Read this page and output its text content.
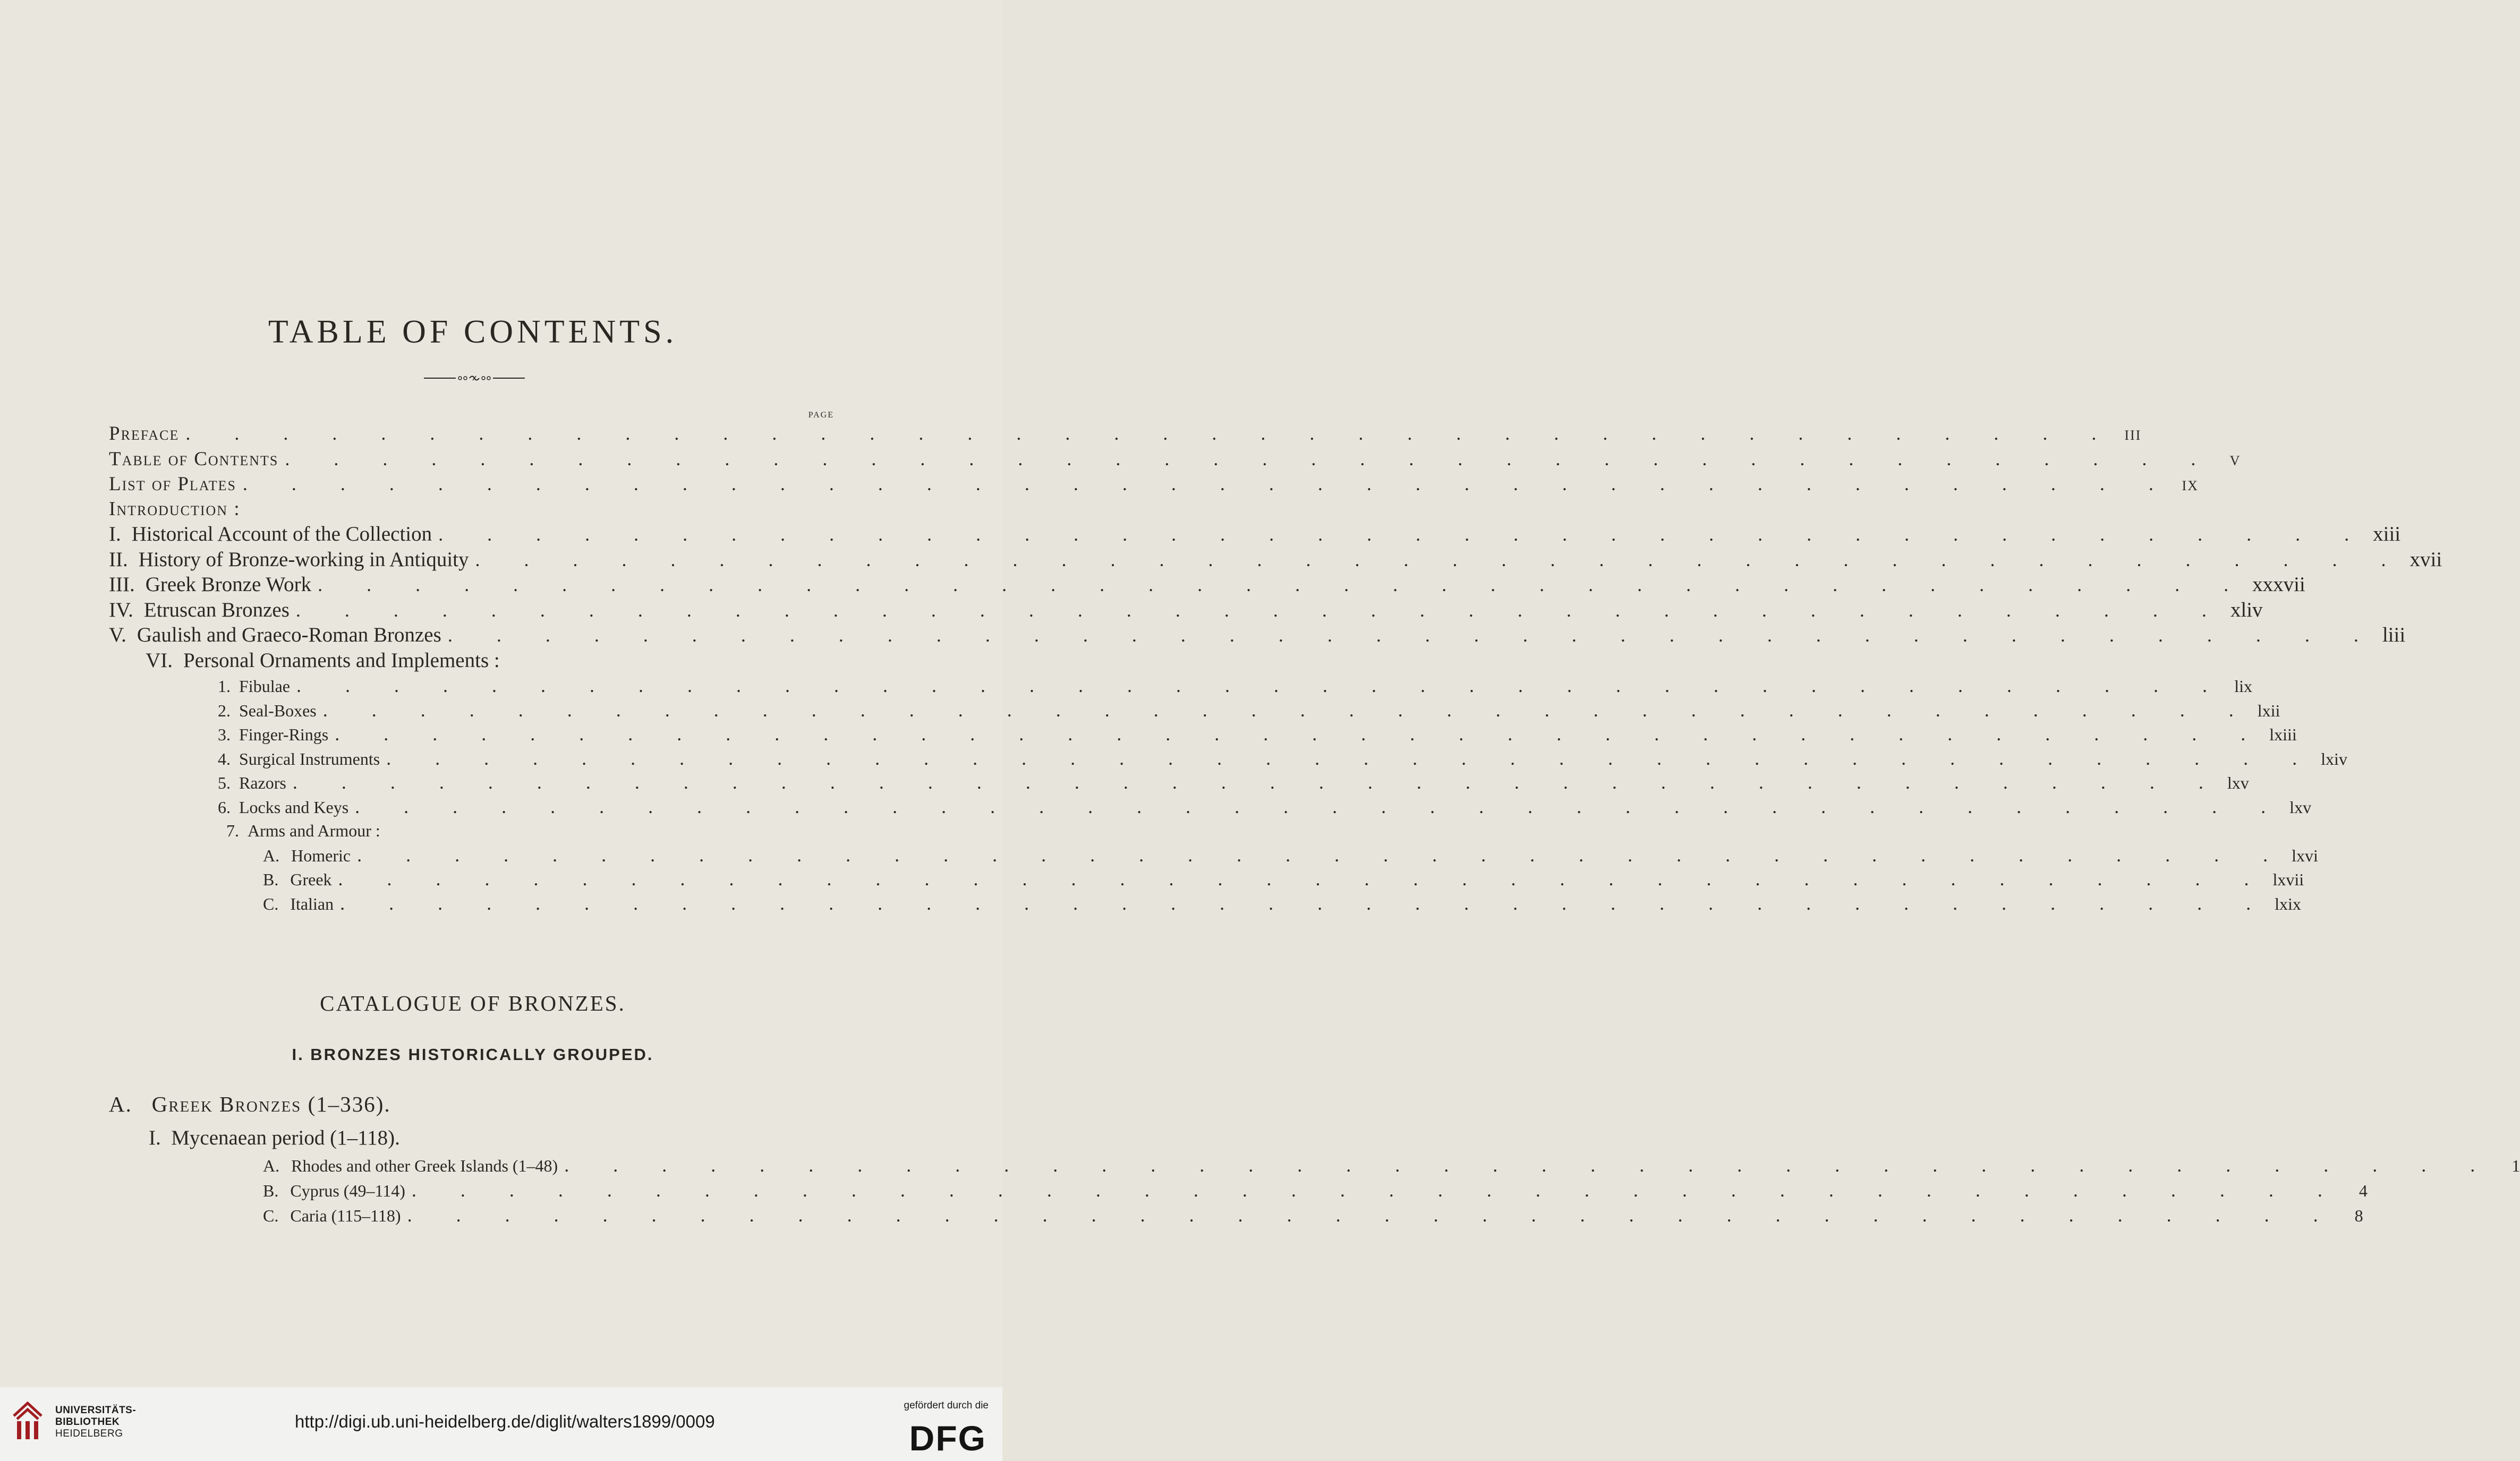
TABLE OF CONTENTS.
PAGE
Preface . . . . . . . . . . . . . . . . . . . . . . . . . . . . . . . . . . . . . . . . iii
Table of Contents . . . . . . . . . . . . . . . . . . . . . . . . . . . . . . . . . . . . . . . . v
List of Plates . . . . . . . . . . . . . . . . . . . . . . . . . . . . . . . . . . . . . . . . ix
Introduction :
I. Historical Account of the Collection . . . . . . . . . . . . . . . . . . . . . . . . . . . . . . . . . . . . . . . . xiii
II. History of Bronze-working in Antiquity . . . . . . . . . . . . . . . . . . . . . . . . . . . . . . . . . . . . . . . . xvii
III. Greek Bronze Work . . . . . . . . . . . . . . . . . . . . . . . . . . . . . . . . . . . . . . . . xxxvii
IV. Etruscan Bronzes . . . . . . . . . . . . . . . . . . . . . . . . . . . . . . . . . . . . . . . . xliv
V. Gaulish and Graeco-Roman Bronzes . . . . . . . . . . . . . . . . . . . . . . . . . . . . . . . . . . . . . . . . liii
VI. Personal Ornaments and Implements :
1. Fibulae . . . . . . . . . . . . . . . . . . . . . . . . . . . . . . . . . . . . . . . . lix
2. Seal-Boxes . . . . . . . . . . . . . . . . . . . . . . . . . . . . . . . . . . . . . . . . lxii
3. Finger-Rings . . . . . . . . . . . . . . . . . . . . . . . . . . . . . . . . . . . . . . . . lxiii
4. Surgical Instruments . . . . . . . . . . . . . . . . . . . . . . . . . . . . . . . . . . . . . . . . lxiv
5. Razors . . . . . . . . . . . . . . . . . . . . . . . . . . . . . . . . . . . . . . . . lxv
6. Locks and Keys . . . . . . . . . . . . . . . . . . . . . . . . . . . . . . . . . . . . . . . . lxv
7. Arms and Armour :
A. Homeric . . . . . . . . . . . . . . . . . . . . . . . . . . . . . . . . . . . . . . . . lxvi
B. Greek . . . . . . . . . . . . . . . . . . . . . . . . . . . . . . . . . . . . . . . . lxvii
C. Italian . . . . . . . . . . . . . . . . . . . . . . . . . . . . . . . . . . . . . . . . lxix
CATALOGUE OF BRONZES.
I. BRONZES HISTORICALLY GROUPED.
A. Greek Bronzes (1–336).
I. Mycenaean period (1–118).
A. Rhodes and other Greek Islands (1–48) . . . . . . . . . . . . . . . . . . . . . . . . . . . . . . . . . . . . . . . .	1
B. Cyprus (49–114) . . . . . . . . . . . . . . . . . . . . . . . . . . . . . . . . . . . . . . . .	4
C. Caria (115–118) . . . . . . . . . . . . . . . . . . . . . . . . . . . . . . . . . . . . . . . .	8
UNIVERSITÄTS-
BIBLIOTHEK
HEIDELBERG
http://digi.ub.uni-heidelberg.de/diglit/walters1899/0009
gefördert durch die
DFG
